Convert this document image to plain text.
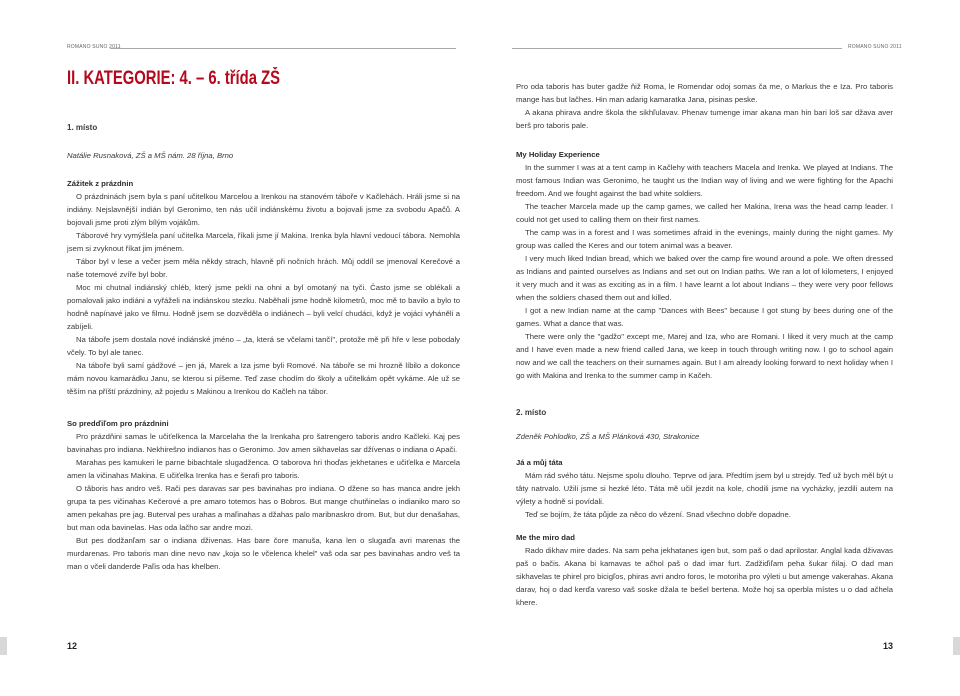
ROMANO SUNO 2011
II. KATEGORIE: 4. – 6. třída ZŠ

1. místo

Natálie Rusnaková, ZŠ a MŠ nám. 28 října, Brno

Zážitek z prázdnin

O prázdninách jsem byla s paní učitelkou Marcelou a Irenkou na stanovém táboře v Kačlehách. Hráli jsme si na indiány. Nejslavnější indián byl Geronimo, ten nás učil indiánskému životu a bojovali jsme za svobodu Apačů. A bojovali jsme proti zlým bílým vojákům.

Táborové hry vymýšlela paní učitelka Marcela, říkali jsme jí Makina. Irenka byla hlavní vedoucí tábora. Nemohla jsem si zvyknout říkat jim jménem.

Tábor byl v lese a večer jsem měla někdy strach, hlavně při nočních hrách. Můj oddíl se jmenoval Kerečové a naše totemové zvíře byl bobr.

Moc mi chutnal indiánský chléb, který jsme pekli na ohni a byl omotaný na tyči. Často jsme se oblékali a pomalovali jako indiáni a vyřáželi na indiánskou stezku. Naběhali jsme hodně kilometrů, moc mě to bavilo a bylo to hodně napínavé jako ve filmu. Hodně jsem se dozvěděla o indiánech – byli velcí chudáci, když je vojáci vyháněli a zabíjeli.

Na táboře jsem dostala nové indiánské jméno – „ta, která se včelami tančí", protože mě při hře v lese pobodaly včely. To byl ale tanec.

Na táboře byli samí gádžové – jen já, Marek a Iza jsme byli Romové. Na táboře se mi hrozně líbilo a dokonce mám novou kamarádku Janu, se kterou si píšeme. Teď zase chodím do školy a učitelkám opět vykáme. Ale už se těším na příští prázdniny, až pojedu s Makinou a Irenkou do Kačleh na tábor.

So predďiľom pro prázdnini

Pro prázdňini samas le učiťelkenca la Marcelaha the la Irenkaha pro šatrengero taboris andro Kačleki. Kaj pes bavinahas pro indiana. Nekhirešno indianos has o Geronimo. Jov amen sikhavelas sar džívenas o indiana o Apači.

Marahas pes kamukeri le parne bibachtale slugadženca. O taborova hri thoďas jekhetanes e učiťelka e Marcela amen la vičinahas Makina. E učiťelka Irenka has e šerafi pro taboris.

O tâboris has andro veš. Rači pes daravas sar pes bavinahas pro indiana. O džene so has manca andre jekh grupa ta pes vičinahas Kečerové a pre amaro totemos has o Bobros. But mange chutňinelas o indianiko maro so amen pekahas pre jag. Buterval pes urahas a maľinahas a džahas palo maribnaskro drom. But, but dur denašahas, but man oda bavinelas. Has oda lačho sar andre mozi.

But pes dodžanľam sar o indiana dživenas. Has bare čore manuša, kana len o slugaďa avri marenas the murdarenas. Pro taboris man dine nevo nav „koja so le včelenca khelel" vaš oda sar pes bavinahas andro veš ta man o včeli danderde Paľis oda has khelben.

12
ROMANO SUNO 2011

Pro oda taboris has buter gadže ňiž Roma, le Romendar odoj somas ča me, o Markus the e Iza. Pro taboris mange has but lačhes. Hin man adarig kamaratka Jana, pisinas peske.

A akana phirava andre škola the sikhľulavav. Phenav tumenge imar akana man hin bari loš sar džava aver berš pro taboris pale.

My Holiday Experience

In the summer I was at a tent camp in Kačlehy with teachers Macela and Irenka. We played at Indians. The most famous Indian was Geronimo, he taught us the Indian way of living and we were fighting for the Apachi freedom. And we fought against the bad white soldiers.

The teacher Marcela made up the camp games, we called her Makina, Irena was the head camp leader. I could not get used to calling them on their first names.

The camp was in a forest and I was sometimes afraid in the evenings, mainly during the night games. My group was called the Keres and our totem animal was a beaver.

I very much liked Indian bread, which we baked over the camp fire wound around a pole. We often dressed as Indians and painted ourselves as Indians and set out on Indian paths. We ran a lot of kilometers, I enjoyed it very much and it was as exciting as in a film. I have learnt a lot about Indians – they were very poor fellows when the soldiers chased them out and killed.

I got a new Indian name at the camp "Dances with Bees" because I got stung by bees during one of the games. What a dance that was.

There were only the "gadžo" except me, Marej and Iza, who are Romani. I liked it very much at the camp and I have even made a new friend called Jana, we keep in touch through writing now. I go to school again now and we call the teachers on their surnames again. But I am already looking forward to next holiday when I go with Makina and Irenka to the summer camp in Kačeh.

2. místo

Zdeněk Pohlodko, ZŠ a MŠ Plánková 430, Strakonice

Já a můj táta

Mám rád svého tátu. Nejsme spolu dlouho. Teprve od jara. Předtím jsem byl u strejdy. Teď už bych měl být u tâty natrvalo. Užili jsme si hezké léto. Táta mě učil jezdit na kole, chodili jsme na vycházky, jezdili autem na výlety a hodně si povídali.

Teď se bojím, že táta půjde za něco do vězení. Snad všechno dobře dopadne.

Me the miro dad

Rado dikhav mire dades. Na sam peha jekhatanes igen but, som paš o dad aprilostar. Anglal kada dživavas paš o bačis. Akana bi kamavas te ačhol paš o dad imar furt. Zadžiďiľam peha šukar ňilaj. O dad man sikhavelas te phirel pro bicigľos, phiras avri andro foros, le motoriha pro výleti u but amenge vakerahas. Akana darav, hoj o dad kerďa vareso vaš soske džala te bešel bertena. Može hoj sa operbla místes u o dad ačhela khere.

13
